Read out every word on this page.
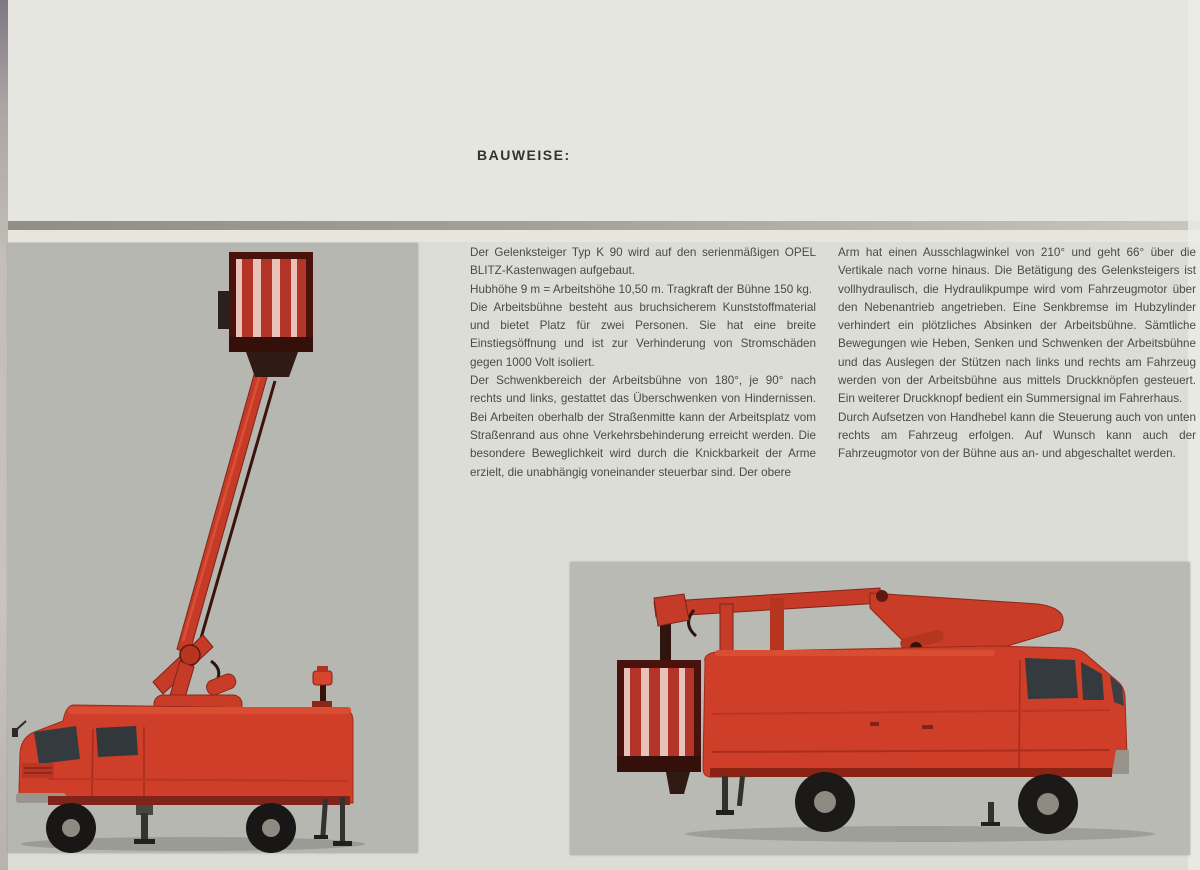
BAUWEISE:

Der Gelenksteiger Typ K 90 wird auf den serienmäßigen OPEL BLITZ-Kastenwagen aufgebaut.

Hubhöhe 9 m = Arbeitshöhe 10,50 m. Tragkraft der Bühne 150 kg.

Die Arbeitsbühne besteht aus bruchsicherem Kunststoffmaterial und bietet Platz für zwei Personen. Sie hat eine breite Einstiegsöffnung und ist zur Verhinderung von Stromschäden gegen 1000 Volt isoliert.

Der Schwenkbereich der Arbeitsbühne von 180°, je 90° nach rechts und links, gestattet das Überschwenken von Hindernissen. Bei Arbeiten oberhalb der Straßenmitte kann der Arbeitsplatz vom Straßenrand aus ohne Verkehrsbehinderung erreicht werden. Die besondere Beweglichkeit wird durch die Knickbarkeit der Arme erzielt, die unabhängig voneinander steuerbar sind. Der obere

Arm hat einen Ausschlagwinkel von 210° und geht 66° über die Vertikale nach vorne hinaus. Die Betätigung des Gelenksteigers ist vollhydraulisch, die Hydraulikpumpe wird vom Fahrzeugmotor über den Nebenantrieb angetrieben. Eine Senkbremse im Hubzylinder verhindert ein plötzliches Absinken der Arbeitsbühne. Sämtliche Bewegungen wie Heben, Senken und Schwenken der Arbeitsbühne und das Auslegen der Stützen nach links und rechts am Fahrzeug werden von der Arbeitsbühne aus mittels Druckknöpfen gesteuert. Ein weiterer Druckknopf bedient ein Summersignal im Fahrerhaus.

Durch Aufsetzen von Handhebel kann die Steuerung auch von unten rechts am Fahrzeug erfolgen. Auf Wunsch kann auch der Fahrzeugmotor von der Bühne aus an- und abgeschaltet werden.
